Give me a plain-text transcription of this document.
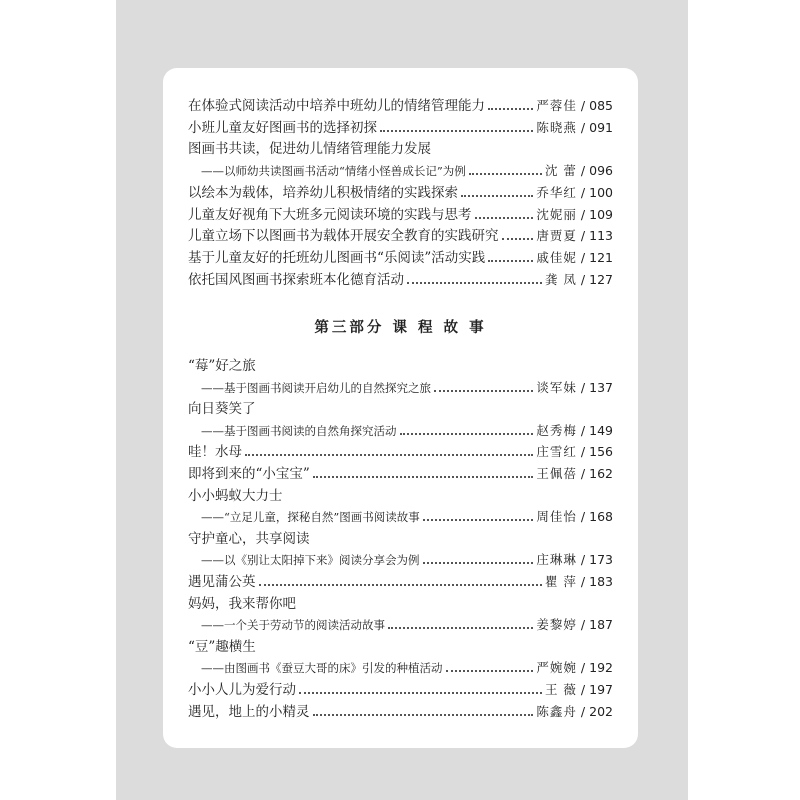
第三部分 课 程 故 事
在体验式阅读活动中培养中班幼儿的情绪管理能力	严蓉佳 / 085
小班儿童友好图画书的选择初探	陈晓燕 / 091
图画书共读，促进幼儿情绪管理能力发展
——以师幼共读图画书活动“情绪小怪兽成长记”为例	沈 蕾 / 096
以绘本为载体，培养幼儿积极情绪的实践探索	乔华红 / 100
儿童友好视角下大班多元阅读环境的实践与思考	沈妮丽 / 109
儿童立场下以图画书为载体开展安全教育的实践研究	唐贾夏 / 113
基于儿童友好的托班幼儿图画书“乐阅读”活动实践	戚佳妮 / 121
依托国风图画书探索班本化德育活动	龚 凤 / 127
“莓”好之旅
——基于图画书阅读开启幼儿的自然探究之旅	谈军妹 / 137
向日葵笑了
——基于图画书阅读的自然角探究活动	赵秀梅 / 149
哇！水母	庄雪红 / 156
即将到来的“小宝宝”	王佩蓓 / 162
小小蚂蚁大力士
——“立足儿童，探秘自然”图画书阅读故事	周佳怡 / 168
守护童心，共享阅读
——以《别让太阳掉下来》阅读分享会为例	庄琳琳 / 173
遇见蒲公英	瞿 萍 / 183
妈妈，我来帮你吧
——一个关于劳动节的阅读活动故事	姜黎婷 / 187
“豆”趣横生
——由图画书《蚕豆大哥的床》引发的种植活动	严婉婉 / 192
小小人儿为爱行动	王 薇 / 197
遇见，地上的小精灵	陈鑫舟 / 202
